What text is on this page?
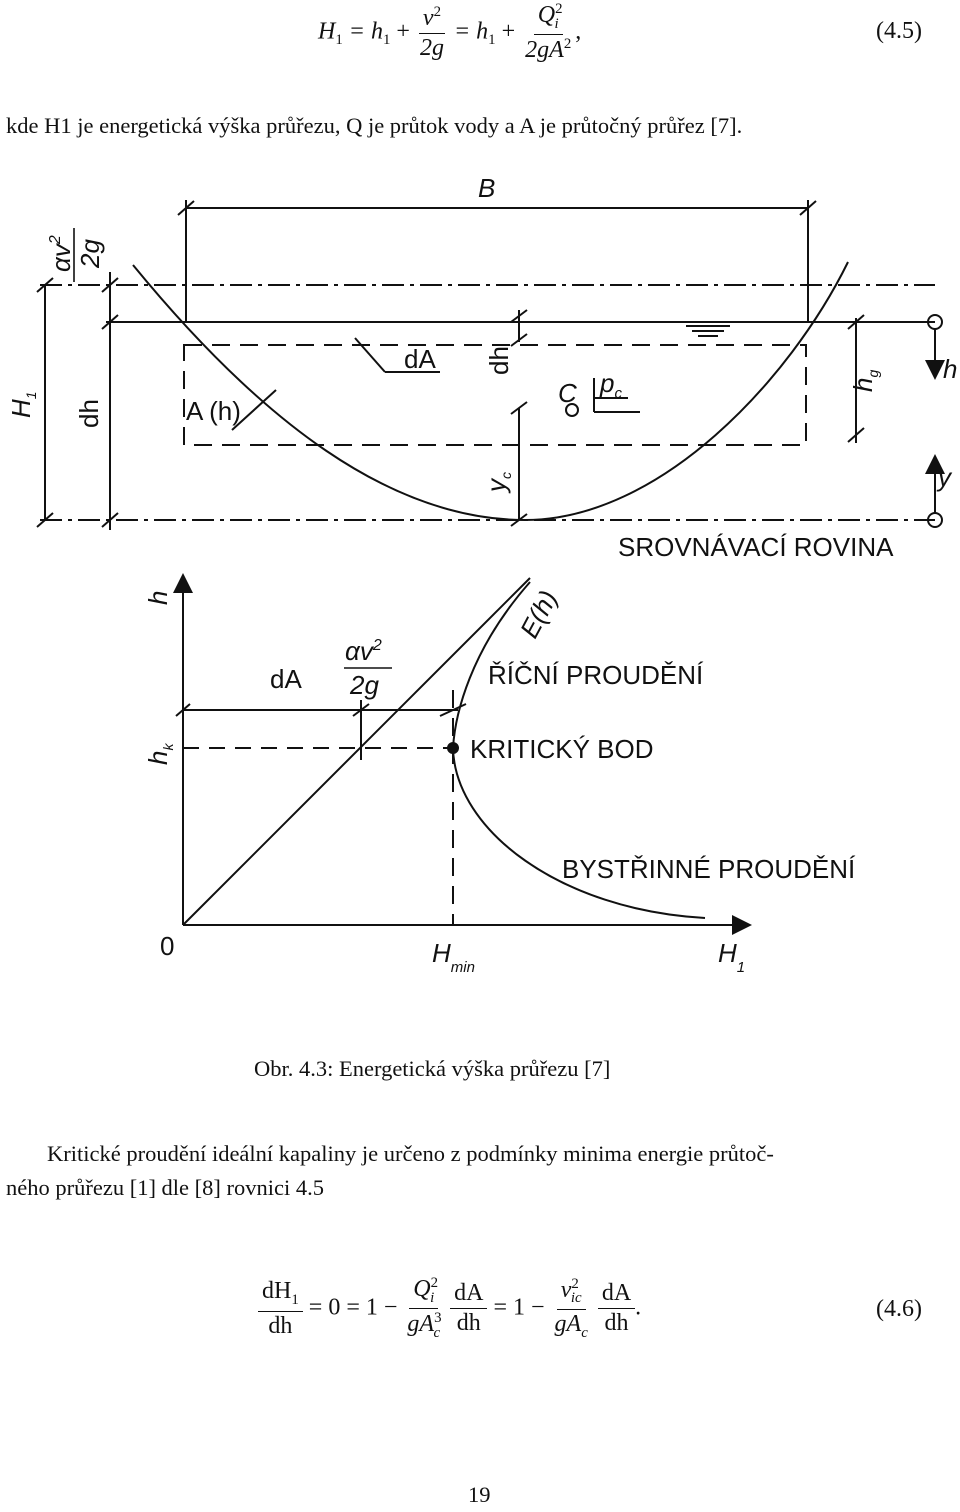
$H_1 = h_1 + \frac{v^2}{2g} = h_1 + \frac{Q^2_i}{2gA^2}$ ,	(4.5)
kde H1 je energetická výška průřezu, Q je průtok vody a A je průtočný průřez [7].
B
$\alpha v^2$ 2g
$H_1$
dh	A (h)
dA dh
C $p_c$
$h_g$ h
y
$y_c$
SROVNÁVACÍ ROVINA
h
$h_k$
dA
$\alpha v^2$
2g
E(h)
ŘÍČNÍ PROUDĚNÍ
KRITICKÝ BOD
BYSTŘINNÉ PROUDĚNÍ
0	$H_{min}$	$H_1$
Obr. 4.3: Energetická výška průřezu [7]
Kritické proudění ideální kapaliny je určeno z podmínky minima energie průtoč-
ného průřezu [1] dle [8] rovnici 4.5
$\frac{dH_1}{dh} = 0 = 1 - \frac{Q^2_i}{gA^3_c}$
$\frac{dA}{dh} = 1 - \frac{v^2_{ic}}{gA_c}$
$\frac{dA}{dh}$ .	(4.6)
19
